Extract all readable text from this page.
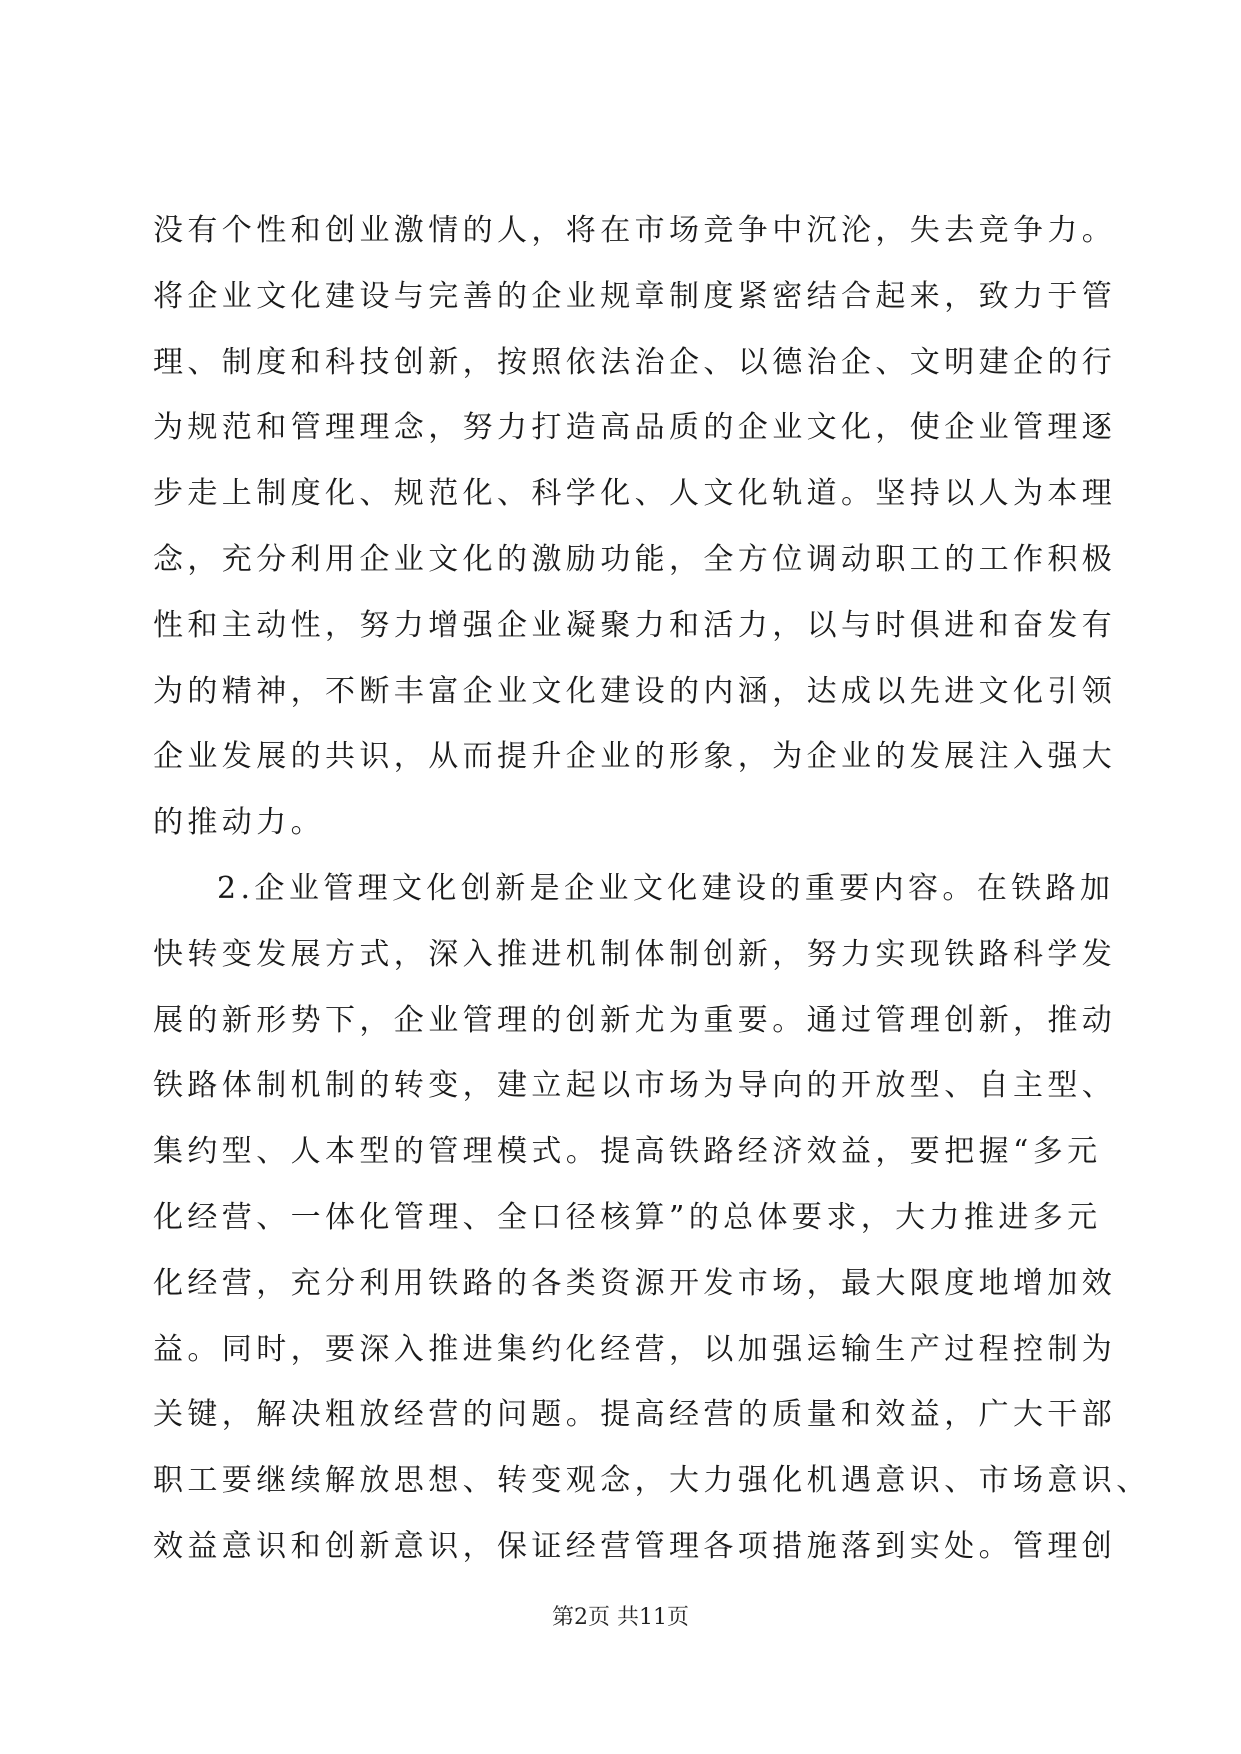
没有个性和创业激情的人，将在市场竞争中沉沦，失去竞争力。
将企业文化建设与完善的企业规章制度紧密结合起来，致力于管
理、制度和科技创新，按照依法治企、以德治企、文明建企的行
为规范和管理理念，努力打造高品质的企业文化，使企业管理逐
步走上制度化、规范化、科学化、人文化轨道。坚持以人为本理
念，充分利用企业文化的激励功能，全方位调动职工的工作积极
性和主动性，努力增强企业凝聚力和活力，以与时俱进和奋发有
为的精神，不断丰富企业文化建设的内涵，达成以先进文化引领
企业发展的共识，从而提升企业的形象，为企业的发展注入强大
的推动力。
2.企业管理文化创新是企业文化建设的重要内容。在铁路加
快转变发展方式，深入推进机制体制创新，努力实现铁路科学发
展的新形势下，企业管理的创新尤为重要。通过管理创新，推动
铁路体制机制的转变，建立起以市场为导向的开放型、自主型、
集约型、人本型的管理模式。提高铁路经济效益，要把握“多元
化经营、一体化管理、全口径核算”的总体要求，大力推进多元
化经营，充分利用铁路的各类资源开发市场，最大限度地增加效
益。同时，要深入推进集约化经营，以加强运输生产过程控制为
关键，解决粗放经营的问题。提高经营的质量和效益，广大干部
职工要继续解放思想、转变观念，大力强化机遇意识、市场意识、
效益意识和创新意识，保证经营管理各项措施落到实处。管理创
第2页 共11页
